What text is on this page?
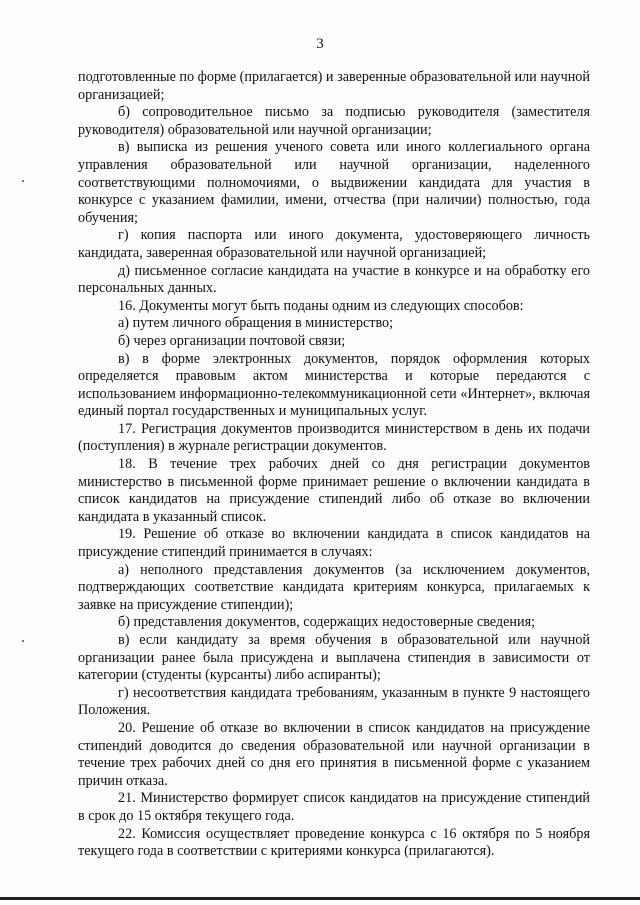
3

подготовленные по форме (прилагается) и заверенные образовательной или научной организацией;

б) сопроводительное письмо за подписью руководителя (заместителя руководителя) образовательной или научной организации;

в) выписка из решения ученого совета или иного коллегиального органа управления образовательной или научной организации, наделенного соответствующими полномочиями, о выдвижении кандидата для участия в конкурсе с указанием фамилии, имени, отчества (при наличии) полностью, года обучения;

г) копия паспорта или иного документа, удостоверяющего личность кандидата, заверенная образовательной или научной организацией;

д) письменное согласие кандидата на участие в конкурсе и на обработку его персональных данных.

16. Документы могут быть поданы одним из следующих способов:

а) путем личного обращения в министерство;

б) через организации почтовой связи;

в) в форме электронных документов, порядок оформления которых определяется правовым актом министерства и которые передаются с использованием информационно-телекоммуникационной сети «Интернет», включая единый портал государственных и муниципальных услуг.

17. Регистрация документов производится министерством в день их подачи (поступления) в журнале регистрации документов.

18. В течение трех рабочих дней со дня регистрации документов министерство в письменной форме принимает решение о включении кандидата в список кандидатов на присуждение стипендий либо об отказе во включении кандидата в указанный список.

19. Решение об отказе во включении кандидата в список кандидатов на присуждение стипендий принимается в случаях:

а) неполного представления документов (за исключением документов, подтверждающих соответствие кандидата критериям конкурса, прилагаемых к заявке на присуждение стипендии);

б) представления документов, содержащих недостоверные сведения;

в) если кандидату за время обучения в образовательной или научной организации ранее была присуждена и выплачена стипендия в зависимости от категории (студенты (курсанты) либо аспиранты);

г) несоответствия кандидата требованиям, указанным в пункте 9 настоящего Положения.

20. Решение об отказе во включении в список кандидатов на присуждение стипендий доводится до сведения образовательной или научной организации в течение трех рабочих дней со дня его принятия в письменной форме с указанием причин отказа.

21. Министерство формирует список кандидатов на присуждение стипендий в срок до 15 октября текущего года.

22. Комиссия осуществляет проведение конкурса с 16 октября по 5 ноября текущего года в соответствии с критериями конкурса (прилагаются).
